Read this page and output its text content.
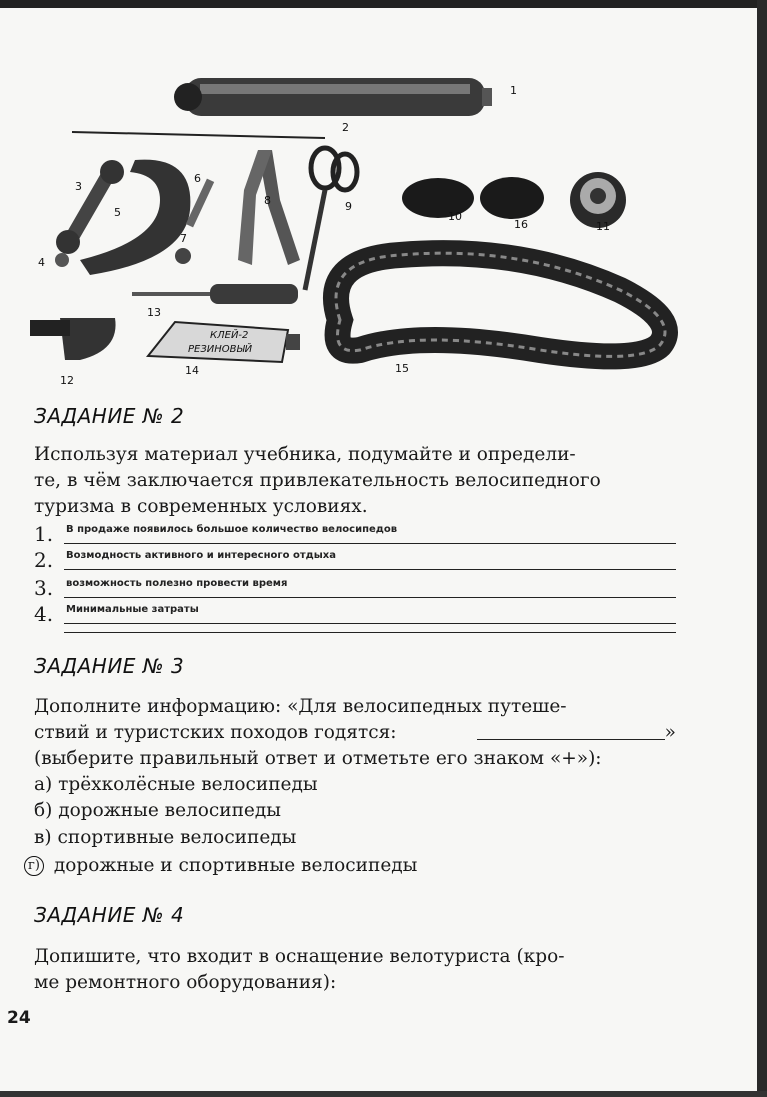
1
2
3
4
5
6
7
8	9
10
16	11
12
13
КЛЕЙ-2
РЕЗИНОВЫЙ
14	15
ЗАДАНИЕ № 2
Используя материал учебника, подумайте и определи-
те, в чём заключается привлекательность велосипедного
туризма в современных условиях.
1. В продаже появилось большое количество велосипедов
2. Возмодность активного и интересного отдыха
3. возможность полезно провести время
4. Минимальные затраты
ЗАДАНИЕ № 3
Дополните информацию: «Для велосипедных путеше-
ствий и туристских походов годятся:	»
(выберите правильный ответ и отметьте его знаком «+»):
а) трёхколёсные велосипеды
б) дорожные велосипеды
в) спортивные велосипеды
г) дорожные и спортивные велосипеды
ЗАДАНИЕ № 4
Допишите, что входит в оснащение велотуриста (кро-
ме ремонтного оборудования):
24
